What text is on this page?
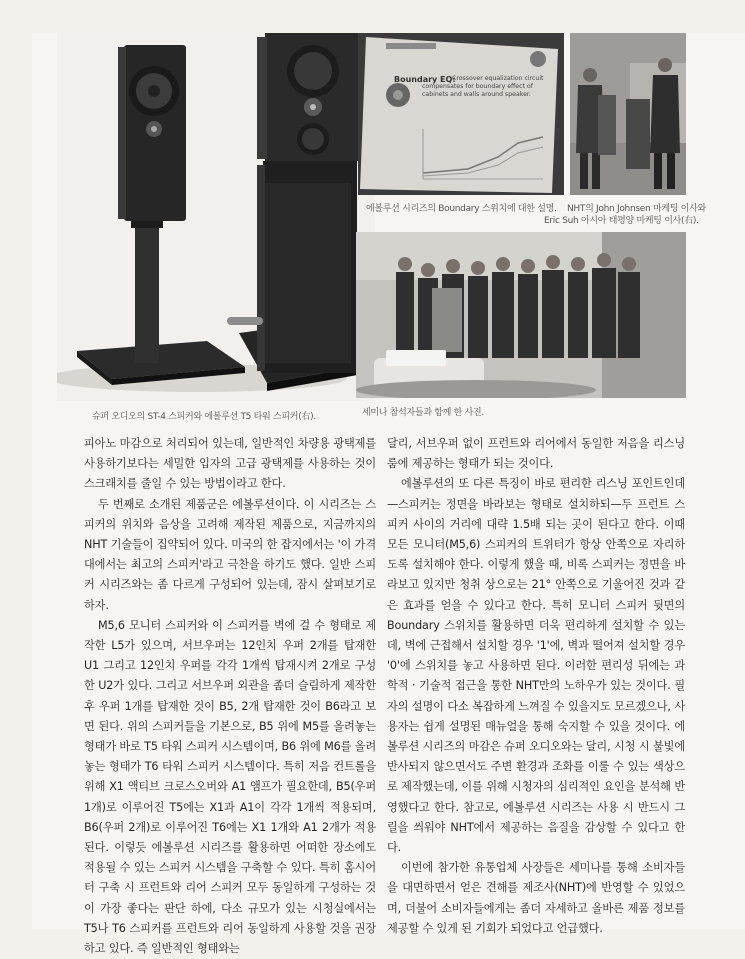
슈퍼 오디오의 ST-4 스피커와 에볼루션 T5 타워 스피커(右).
Boundary EQ:
Crossover equalization circuit compensates for boundary effect of cabinets and walls around speaker.
에볼루션 시리즈의 Boundary 스위치에 대한 설명. NHT의 John Johnsen 마케팅 이사와
Eric Suh 아시아 태평양 마케팅 이사(右).
세미나 참석자들과 함께 한 사진.

피아노 마감으로 처리되어 있는데, 일반적인 차량용 광택제를 사용하기보다는 세밀한 입자의 고급 광택제를 사용하는 것이 스크래치를 줄일 수 있는 방법이라고 한다.

두 번째로 소개된 제품군은 에볼루션이다. 이 시리즈는 스피커의 위치와 음상을 고려해 제작된 제품으로, 지금까지의 NHT 기술들이 집약되어 있다. 미국의 한 잡지에서는 '이 가격 대에서는 최고의 스피커'라고 극찬을 하기도 했다. 일반 스피커 시리즈와는 좀 다르게 구성되어 있는데, 잠시 살펴보기로 하자.

M5,6 모니터 스피커와 이 스피커를 벽에 걸 수 형태로 제작한 L5가 있으며, 서브우퍼는 12인치 우퍼 2개를 탑재한 U1 그리고 12인치 우퍼를 각각 1개씩 탑재시켜 2개로 구성한 U2가 있다. 그리고 서브우퍼 외관을 좀더 슬림하게 제작한 후 우퍼 1개를 탑재한 것이 B5, 2개 탑재한 것이 B6라고 보면 된다. 위의 스피커들을 기본으로, B5 위에 M5를 올려놓는 형태가 바로 T5 타워 스피커 시스템이며, B6 위에 M6를 올려놓는 형태가 T6 타워 스피커 시스템이다. 특히 저음 컨트롤을 위해 X1 액티브 크로스오버와 A1 앰프가 필요한데, B5(우퍼 1개)로 이루어진 T5에는 X1과 A1이 각각 1개씩 적용되며, B6(우퍼 2개)로 이루어진 T6에는 X1 1개와 A1 2개가 적용된다. 이렇듯 에볼루션 시리즈를 활용하면 어떠한 장소에도 적용될 수 있는 스피커 시스템을 구축할 수 있다. 특히 홈시어터 구축 시 프런트와 리어 스피커 모두 동일하게 구성하는 것이 가장 좋다는 판단 하에, 다소 규모가 있는 시청실에서는 T5나 T6 스피커를 프런트와 리어 동일하게 사용할 것을 권장하고 있다. 즉 일반적인 형태와는

달리, 서브우퍼 없이 프런트와 리어에서 동일한 저음을 리스닝룸에 제공하는 형태가 되는 것이다.

에볼루션의 또 다른 특징이 바로 편리한 리스닝 포인트인데—스피커는 정면을 바라보는 형태로 설치하되—두 프런트 스피커 사이의 거리에 대략 1.5배 되는 곳이 된다고 한다. 이때 모든 모니터(M5,6) 스피커의 트위터가 항상 안쪽으로 자리하도록 설치해야 한다. 이렇게 했을 때, 비록 스피커는 정면을 바라보고 있지만 청취 상으로는 21° 안쪽으로 기울어진 것과 같은 효과를 얻을 수 있다고 한다. 특히 모니터 스피커 뒷면의 Boundary 스위치를 활용하면 더욱 편리하게 설치할 수 있는데, 벽에 근접해서 설치할 경우 '1'에, 벽과 떨어져 설치할 경우 '0'에 스위치를 놓고 사용하면 된다. 이러한 편리성 뒤에는 과학적 · 기술적 접근을 통한 NHT만의 노하우가 있는 것이다. 필자의 설명이 다소 복잡하게 느껴질 수 있을지도 모르겠으나, 사용자는 쉽게 설명된 매뉴얼을 통해 숙지할 수 있을 것이다. 에볼루션 시리즈의 마감은 슈퍼 오디오와는 달리, 시청 시 불빛에 반사되지 않으면서도 주변 환경과 조화를 이룰 수 있는 색상으로 제작했는데, 이를 위해 시청자의 심리적인 요인을 분석해 반영했다고 한다. 참고로, 에볼루션 시리즈는 사용 시 반드시 그릴을 씌워야 NHT에서 제공하는 음질을 감상할 수 있다고 한다.

이번에 참가한 유통업체 사장들은 세미나를 통해 소비자들을 대면하면서 얻은 견해를 제조사(NHT)에 반영할 수 있었으며, 더불어 소비자들에게는 좀더 자세하고 올바른 제품 정보를 제공할 수 있게 된 기회가 되었다고 언급했다.
